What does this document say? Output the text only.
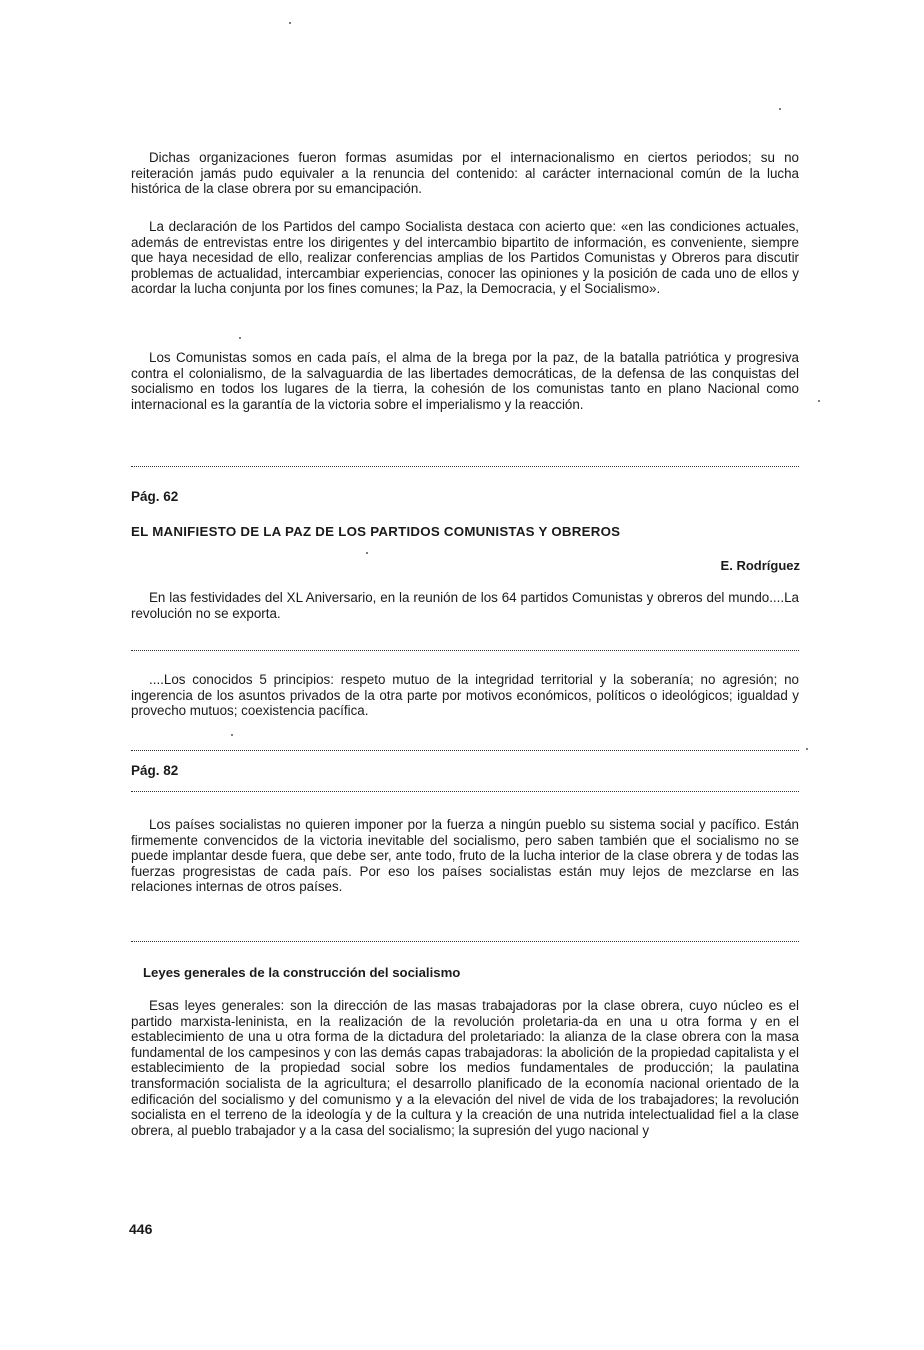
Dichas organizaciones fueron formas asumidas por el internacionalismo en ciertos periodos; su no reiteración jamás pudo equivaler a la renuncia del contenido: al carácter internacional común de la lucha histórica de la clase obrera por su emancipación.

La declaración de los Partidos del campo Socialista destaca con acierto que: «en las condiciones actuales, además de entrevistas entre los dirigentes y del intercambio bipartito de información, es conveniente, siempre que haya necesidad de ello, realizar conferencias amplias de los Partidos Comunistas y Obreros para discutir problemas de actualidad, intercambiar experiencias, conocer las opiniones y la posición de cada uno de ellos y acordar la lucha conjunta por los fines comunes; la Paz, la Democracia, y el Socialismo».

Los Comunistas somos en cada país, el alma de la brega por la paz, de la batalla patriótica y progresiva contra el colonialismo, de la salvaguardia de las libertades democráticas, de la defensa de las conquistas del socialismo en todos los lugares de la tierra, la cohesión de los comunistas tanto en plano Nacional como internacional es la garantía de la victoria sobre el imperialismo y la reacción.

Pág. 62

EL MANIFIESTO DE LA PAZ DE LOS PARTIDOS COMUNISTAS Y OBREROS

E. Rodríguez

En las festividades del XL Aniversario, en la reunión de los 64 partidos Comunistas y obreros del mundo....La revolución no se exporta.

....Los conocidos 5 principios: respeto mutuo de la integridad territorial y la soberanía; no agresión; no ingerencia de los asuntos privados de la otra parte por motivos económicos, políticos o ideológicos; igualdad y provecho mutuos; coexistencia pacífica.

Pág. 82

Los países socialistas no quieren imponer por la fuerza a ningún pueblo su sistema social y pacífico. Están firmemente convencidos de la victoria inevitable del socialismo, pero saben también que el socialismo no se puede implantar desde fuera, que debe ser, ante todo, fruto de la lucha interior de la clase obrera y de todas las fuerzas progresistas de cada país. Por eso los países socialistas están muy lejos de mezclarse en las relaciones internas de otros países.

Leyes generales de la construcción del socialismo

Esas leyes generales: son la dirección de las masas trabajadoras por la clase obrera, cuyo núcleo es el partido marxista-leninista, en la realización de la revolución proletaria-da en una u otra forma y en el establecimiento de una u otra forma de la dictadura del proletariado: la alianza de la clase obrera con la masa fundamental de los campesinos y con las demás capas trabajadoras: la abolición de la propiedad capitalista y el establecimiento de la propiedad social sobre los medios fundamentales de producción; la paulatina transformación socialista de la agricultura; el desarrollo planificado de la economía nacional orientado de la edificación del socialismo y del comunismo y a la elevación del nivel de vida de los trabajadores; la revolución socialista en el terreno de la ideología y de la cultura y la creación de una nutrida intelectualidad fiel a la clase obrera, al pueblo trabajador y a la casa del socialismo; la supresión del yugo nacional y

446
